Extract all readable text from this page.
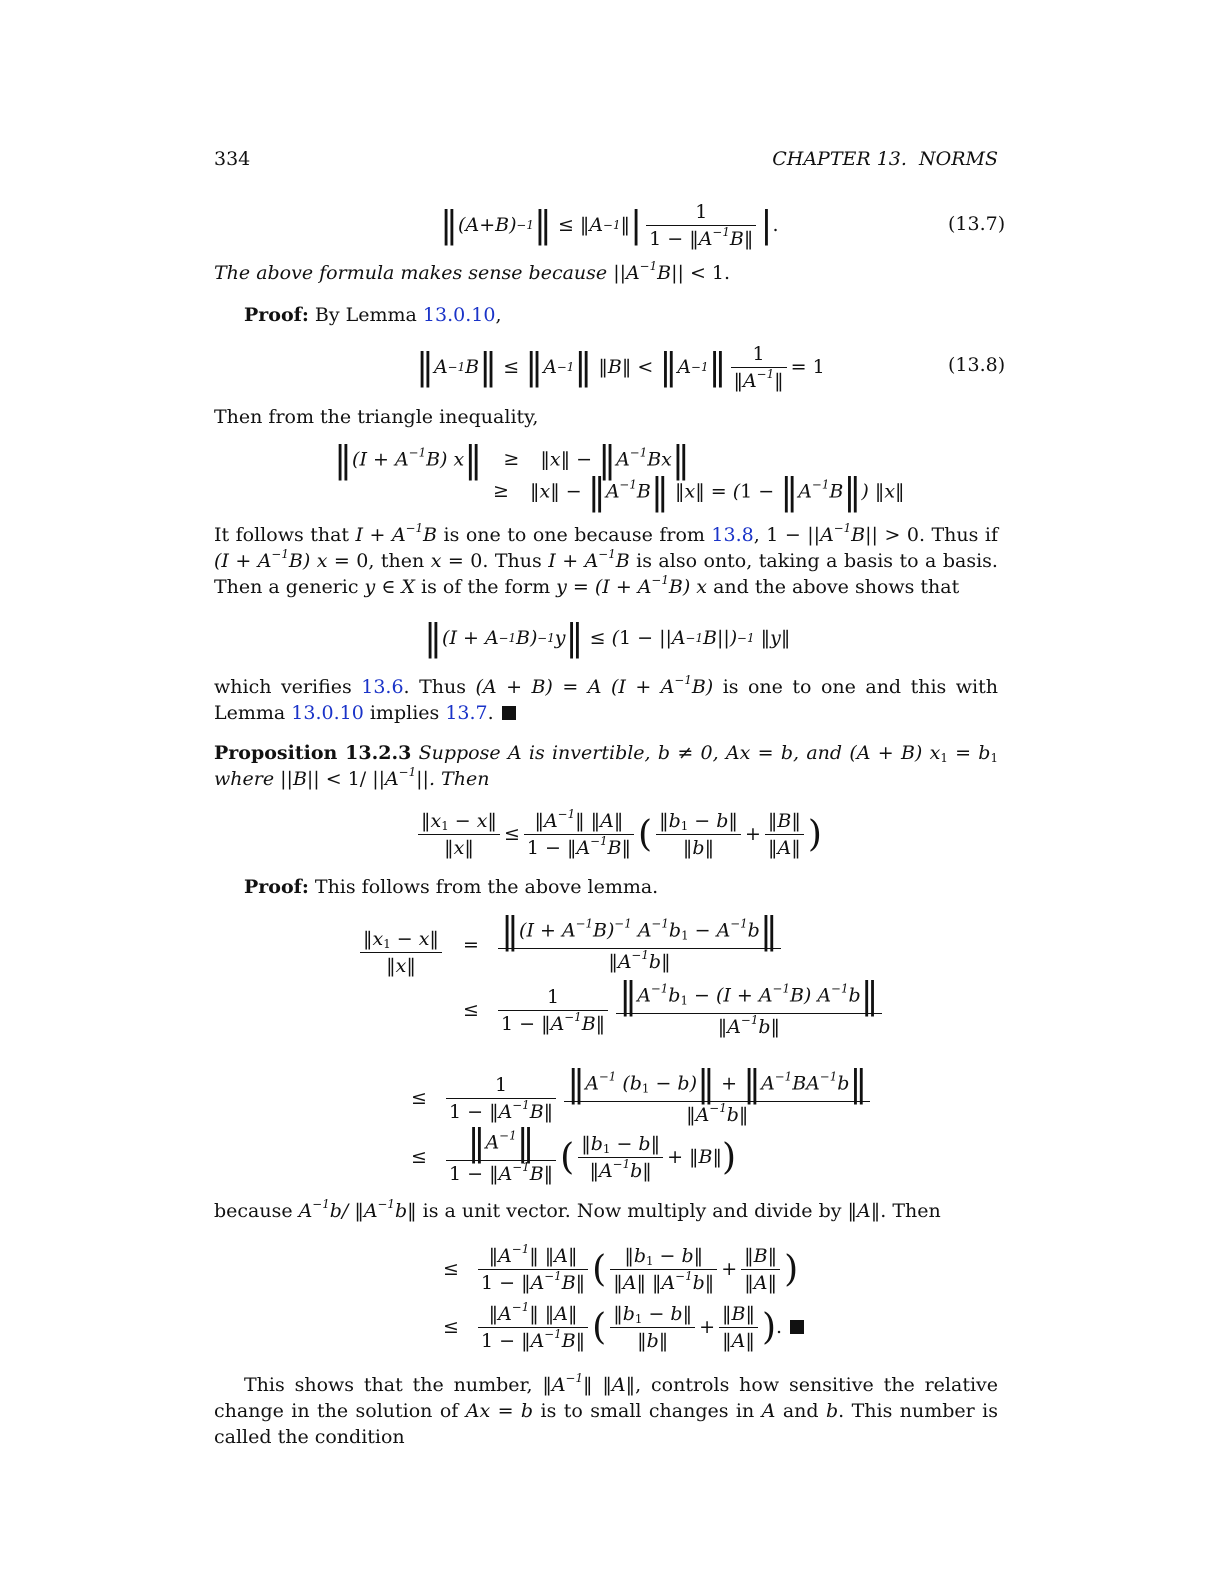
334	CHAPTER 13.  NORMS
‖ ( A + B ) −1 ‖ ≤ ‖ A −1 ‖ | $\frac{1}{1 - ‖A^{-1}B‖}$ | .	(13.7)
The above formula makes sense because $||A^{-1}B|| < 1$.
Proof: By Lemma 13.0.10,
‖ A −1 B ‖ ≤ ‖ A −1 ‖
‖ B ‖ < ‖ A −1 ‖ $\frac{1}{‖A^{-1}‖} = 1$	(13.8)
Then from the triangle inequality,
‖(I + $A^{-1}B$) x‖ ≥ ‖x‖ − $‖A^{-1}Bx‖$
≥ ‖x‖ − $‖A^{-1}B‖$ ‖x‖ = $(1 - ‖A^{-1}B‖)$ ‖x‖
It follows that $I + A^{-1}B$ is one to one because from 13.8, $1 - ||A^{-1}B|| > 0$. Thus if $(I + A^{-1}B)$ x = 0, then x = 0. Thus $I + A^{-1}B$ is also onto, taking a basis to a basis. Then a generic y ∈ X is of the form $y = (I + A^{-1}B)$ x and the above shows that
‖ (I + A −1 B) −1 y ‖ ≤ ( 1 − || A −1 B || ) −1
‖ y ‖
which verifies 13.6. Thus (A + B) = A $(I + A^{-1}B)$ is one to one and this with Lemma 13.0.10 implies 13.7.
Proposition 13.2.3 Suppose A is invertible, b ≠ 0, Ax = b, and (A + B) $x_1 = b_1$ where ||B|| < 1/ $||A^{-1}||$. Then
$\frac{‖x_1 - x‖}{‖x‖} \le \frac{‖A^{-1}‖ ‖A‖}{1 - ‖A^{-1}B‖}$ ( $\frac{‖b_1 - b‖}{‖b‖} + \frac{‖B‖}{‖A‖}$ )
Proof: This follows from the above lemma.
$\frac{‖x_1 - x‖}{‖x‖}$	= $\frac{‖(I + A^{-1}B)^{-1} A^{-1}b_1 - A^{-1}b‖}{‖A^{-1}b‖}$
≤	$\frac{1}{1 - ‖A^{-1}B‖} \frac{‖A^{-1}b_1 - (I + A^{-1}B) A^{-1}b‖}{‖A^{-1}b‖}$
≤	$\frac{1}{1 - ‖A^{-1}B‖} \frac{‖A^{-1} (b_1 - b)‖ + ‖A^{-1}BA^{-1}b‖}{‖A^{-1}b‖}$
≤ $\frac{‖A^{-1}‖}{1 - ‖A^{-1}B‖}$ ( $\frac{‖b_1 - b‖}{‖A^{-1}b‖}$ + ‖ B ‖ )
because $A^{-1}b/$ $‖A^{-1}b‖$ is a unit vector. Now multiply and divide by ‖A‖. Then
≤	$\frac{‖A^{-1}‖ ‖A‖}{1 - ‖A^{-1}B‖}$ ( $\frac{‖b_1 - b‖}{‖A‖ ‖A^{-1}b‖} + \frac{‖B‖}{‖A‖}$ )
≤	$\frac{‖A^{-1}‖ ‖A‖}{1 - ‖A^{-1}B‖}$ ( $\frac{‖b_1 - b‖}{‖b‖} + \frac{‖B‖}{‖A‖}$ ) .
This shows that the number, $‖A^{-1}‖$ ‖A‖, controls how sensitive the relative change in the solution of Ax = b is to small changes in A and b. This number is called the condition
